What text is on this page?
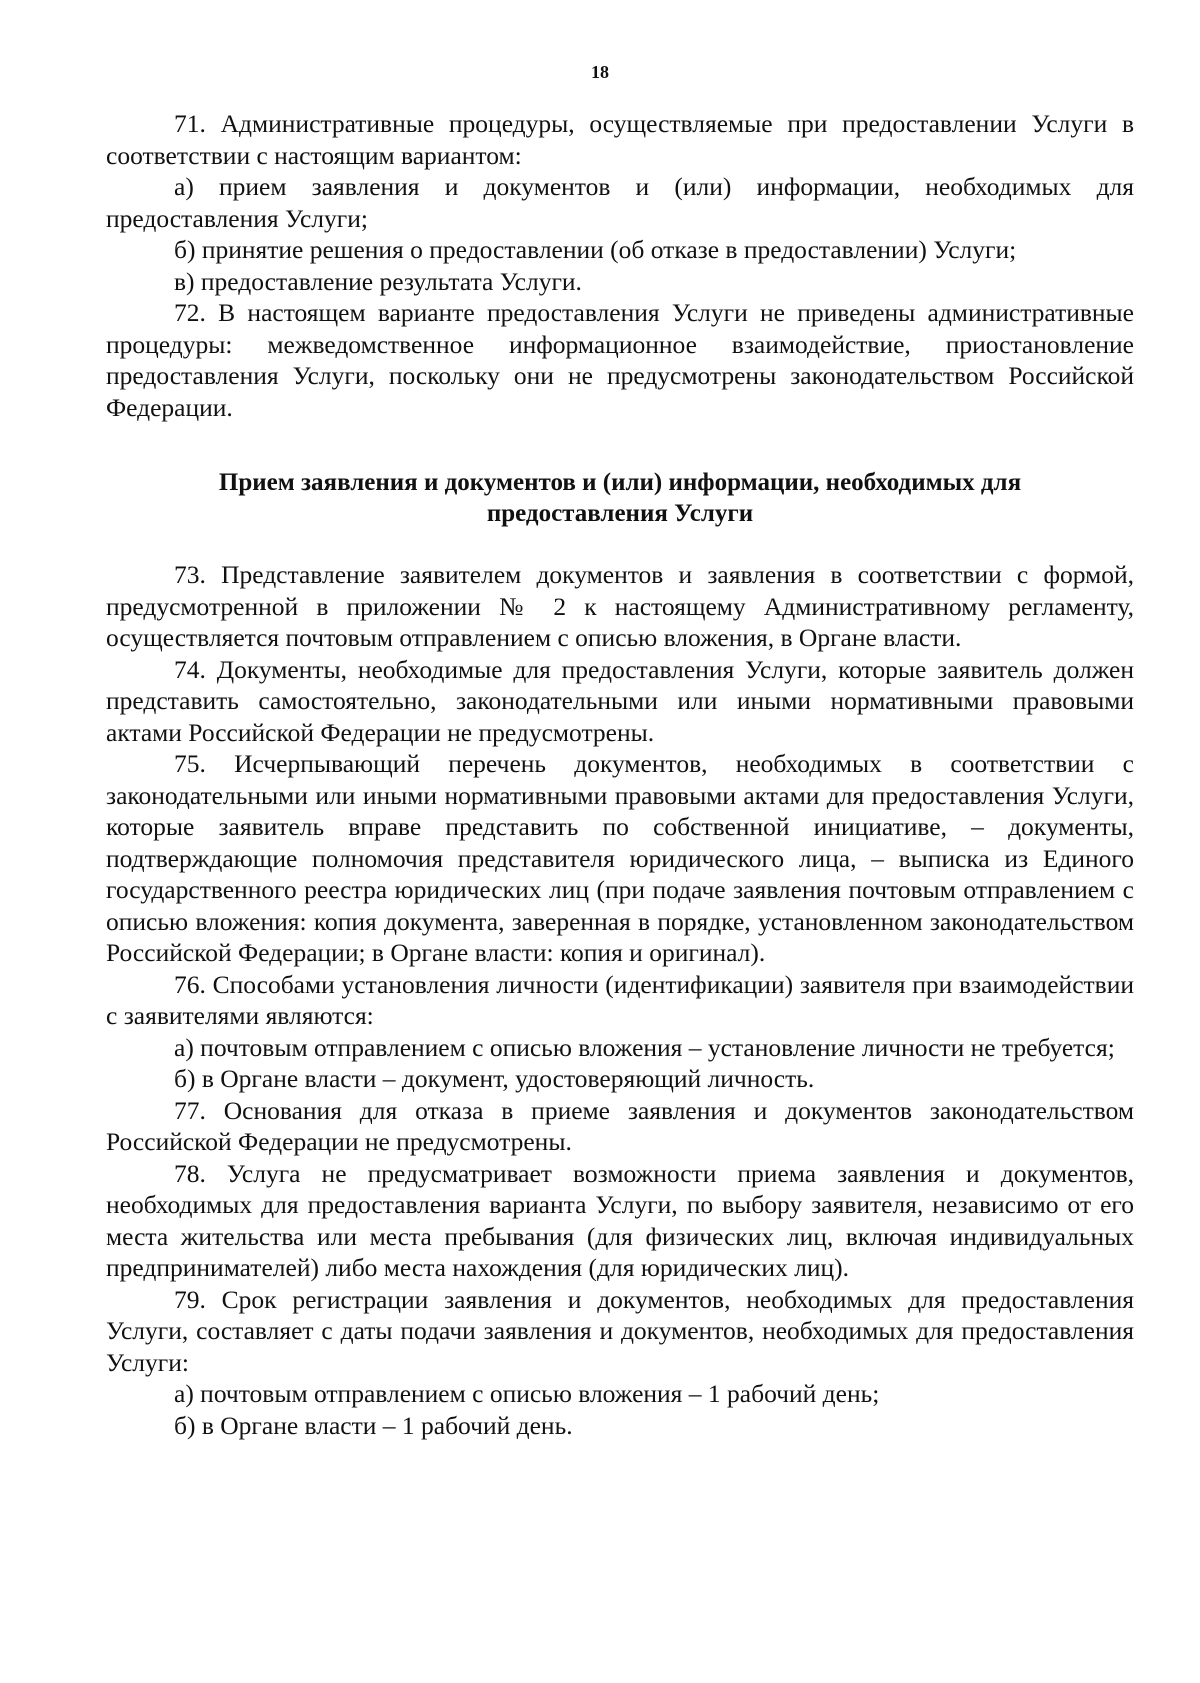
18

71. Административные процедуры, осуществляемые при предоставлении Услуги в соответствии с настоящим вариантом:

а) прием заявления и документов и (или) информации, необходимых для предоставления Услуги;

б) принятие решения о предоставлении (об отказе в предоставлении) Услуги;

в) предоставление результата Услуги.

72. В настоящем варианте предоставления Услуги не приведены административные процедуры: межведомственное информационное взаимодействие, приостановление предоставления Услуги, поскольку они не предусмотрены законодательством Российской Федерации.

Прием заявления и документов и (или) информации, необходимых для предоставления Услуги

73. Представление заявителем документов и заявления в соответствии с формой, предусмотренной в приложении № 2 к настоящему Административному регламенту, осуществляется почтовым отправлением с описью вложения, в Органе власти.

74. Документы, необходимые для предоставления Услуги, которые заявитель должен представить самостоятельно, законодательными или иными нормативными правовыми актами Российской Федерации не предусмотрены.

75. Исчерпывающий перечень документов, необходимых в соответствии с законодательными или иными нормативными правовыми актами для предоставления Услуги, которые заявитель вправе представить по собственной инициативе, – документы, подтверждающие полномочия представителя юридического лица, – выписка из Единого государственного реестра юридических лиц (при подаче заявления почтовым отправлением с описью вложения: копия документа, заверенная в порядке, установленном законодательством Российской Федерации; в Органе власти: копия и оригинал).

76. Способами установления личности (идентификации) заявителя при взаимодействии с заявителями являются:

а) почтовым отправлением с описью вложения – установление личности не требуется;

б) в Органе власти – документ, удостоверяющий личность.

77. Основания для отказа в приеме заявления и документов законодательством Российской Федерации не предусмотрены.

78. Услуга не предусматривает возможности приема заявления и документов, необходимых для предоставления варианта Услуги, по выбору заявителя, независимо от его места жительства или места пребывания (для физических лиц, включая индивидуальных предпринимателей) либо места нахождения (для юридических лиц).

79. Срок регистрации заявления и документов, необходимых для предоставления Услуги, составляет с даты подачи заявления и документов, необходимых для предоставления Услуги:

а) почтовым отправлением с описью вложения – 1 рабочий день;

б) в Органе власти – 1 рабочий день.
